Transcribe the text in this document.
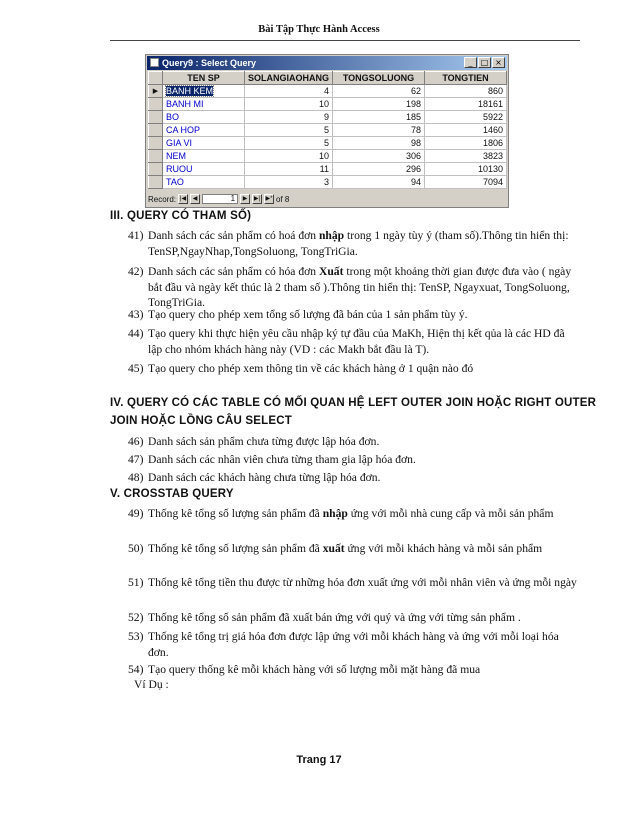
Bài Tập Thực Hành Access
Query9 : Select Query	_	□ ×
	TEN SP	SOLANGIAOHANG	TONGSOLUONG	TONGTIEN
▶	BANH KEM	4	62	860
	BANH MI	10	198	18161
	BO	9	185	5922
	CA HOP	5	78	1460
	GIA VI	5	98	1806
	NEM	10	306	3823
	RUOU	11	296	10130
	TAO	3	94	7094
Record: |◀	◀	1	▶	▶| ▶* of 8
III. QUERY CÓ THAM SỐ)
41) Danh sách các sản phẩm có hoá đơn nhập trong 1 ngày tùy ý (tham số).Thông tin hiển thị: TenSP,NgayNhap,TongSoluong, TongTriGia.
42) Danh sách các sản phẩm có hóa đơn Xuất trong một khoảng thời gian được đưa vào ( ngày bắt đầu và ngày kết thúc là 2 tham số ).Thông tin hiển thị: TenSP, Ngayxuat, TongSoluong, TongTriGia.
43) Tạo query cho phép xem tổng số lượng đã bán của 1 sản phẩm tùy ý.
44) Tạo query khi thực hiện yêu cầu nhập ký tự đầu của MaKh, Hiện thị kết qủa là các HD đã lập cho nhóm khách hàng này (VD : các Makh bắt đầu là T).
45) Tạo query cho phép xem thông tin về các khách hàng ở 1 quận nào đó
IV. QUERY CÓ CÁC TABLE CÓ MỐI QUAN HỆ LEFT OUTER JOIN HOẶC RIGHT OUTER
JOIN HOẶC LỒNG CÂU SELECT
46) Danh sách sản phẩm chưa từng được lập hóa đơn.
47) Danh sách các nhân viên chưa từng tham gia lập hóa đơn.
48) Danh sách các khách hàng chưa từng lập hóa đơn.
V. CROSSTAB QUERY
49) Thống kê tổng số lượng sản phẩm đã nhập ứng với mỗi nhà cung cấp và mỗi sản phẩm
50) Thống kê tổng số lượng sản phẩm đã xuất ứng với mỗi khách hàng và mỗi sản phẩm
51) Thống kê tổng tiền thu được từ những hóa đơn xuất ứng với mỗi nhân viên và ứng mỗi ngày
52) Thống kê tổng số sản phẩm đã xuất bán ứng với quý và ứng với từng sản phẩm .
53) Thống kê tổng trị giá hóa đơn được lập ứng với mỗi khách hàng và ứng với mỗi loại hóa đơn.
54) Tạo query thống kê mỗi khách hàng với số lượng mỗi mặt hàng đã mua
Ví Dụ :
Trang 17
